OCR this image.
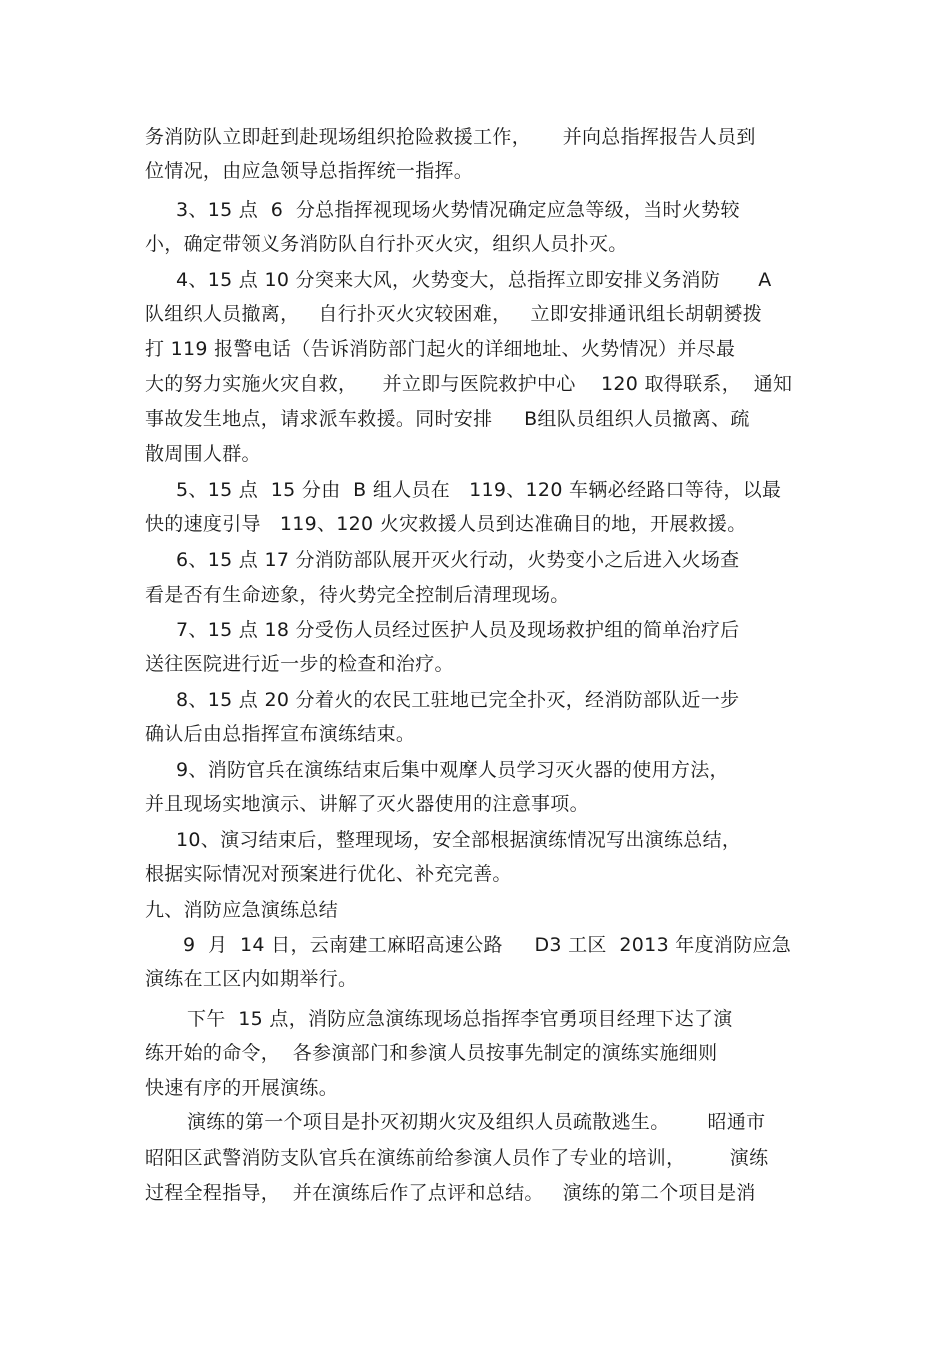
务消防队立即赶到赴现场组织抢险救援工作，     并向总指挥报告人员到
位情况，由应急领导总指挥统一指挥。
3、15 点  6  分总指挥视现场火势情况确定应急等级，当时火势较
小，确定带领义务消防队自行扑灭火灾，组织人员扑灭。
4、15 点 10 分突来大风，火势变大，总指挥立即安排义务消防      A
队组织人员撤离，   自行扑灭火灾较困难，   立即安排通讯组长胡朝赟拨
打 119 报警电话（告诉消防部门起火的详细地址、火势情况）并尽最
大的努力实施火灾自救，    并立即与医院救护中心    120 取得联系，  通知
事故发生地点，请求派车救援。同时安排     B组队员组织人员撤离、疏
散周围人群。
5、15 点  15 分由  B 组人员在   119、120 车辆必经路口等待，以最
快的速度引导   119、120 火灾救援人员到达准确目的地，开展救援。
6、15 点 17 分消防部队展开灭火行动，火势变小之后进入火场查
看是否有生命迹象，待火势完全控制后清理现场。
7、15 点 18 分受伤人员经过医护人员及现场救护组的简单治疗后
送往医院进行近一步的检查和治疗。
8、15 点 20 分着火的农民工驻地已完全扑灭，经消防部队近一步
确认后由总指挥宣布演练结束。
9、消防官兵在演练结束后集中观摩人员学习灭火器的使用方法，
并且现场实地演示、讲解了灭火器使用的注意事项。
10、演习结束后，整理现场，安全部根据演练情况写出演练总结，
根据实际情况对预案进行优化、补充完善。
九、消防应急演练总结
9  月  14 日，云南建工麻昭高速公路     D3 工区  2013 年度消防应急
演练在工区内如期举行。
下午  15 点，消防应急演练现场总指挥李官勇项目经理下达了演
练开始的命令，  各参演部门和参演人员按事先制定的演练实施细则
快速有序的开展演练。
演练的第一个项目是扑灭初期火灾及组织人员疏散逃生。      昭通市
昭阳区武警消防支队官兵在演练前给参演人员作了专业的培训，       演练
过程全程指导，  并在演练后作了点评和总结。   演练的第二个项目是消
